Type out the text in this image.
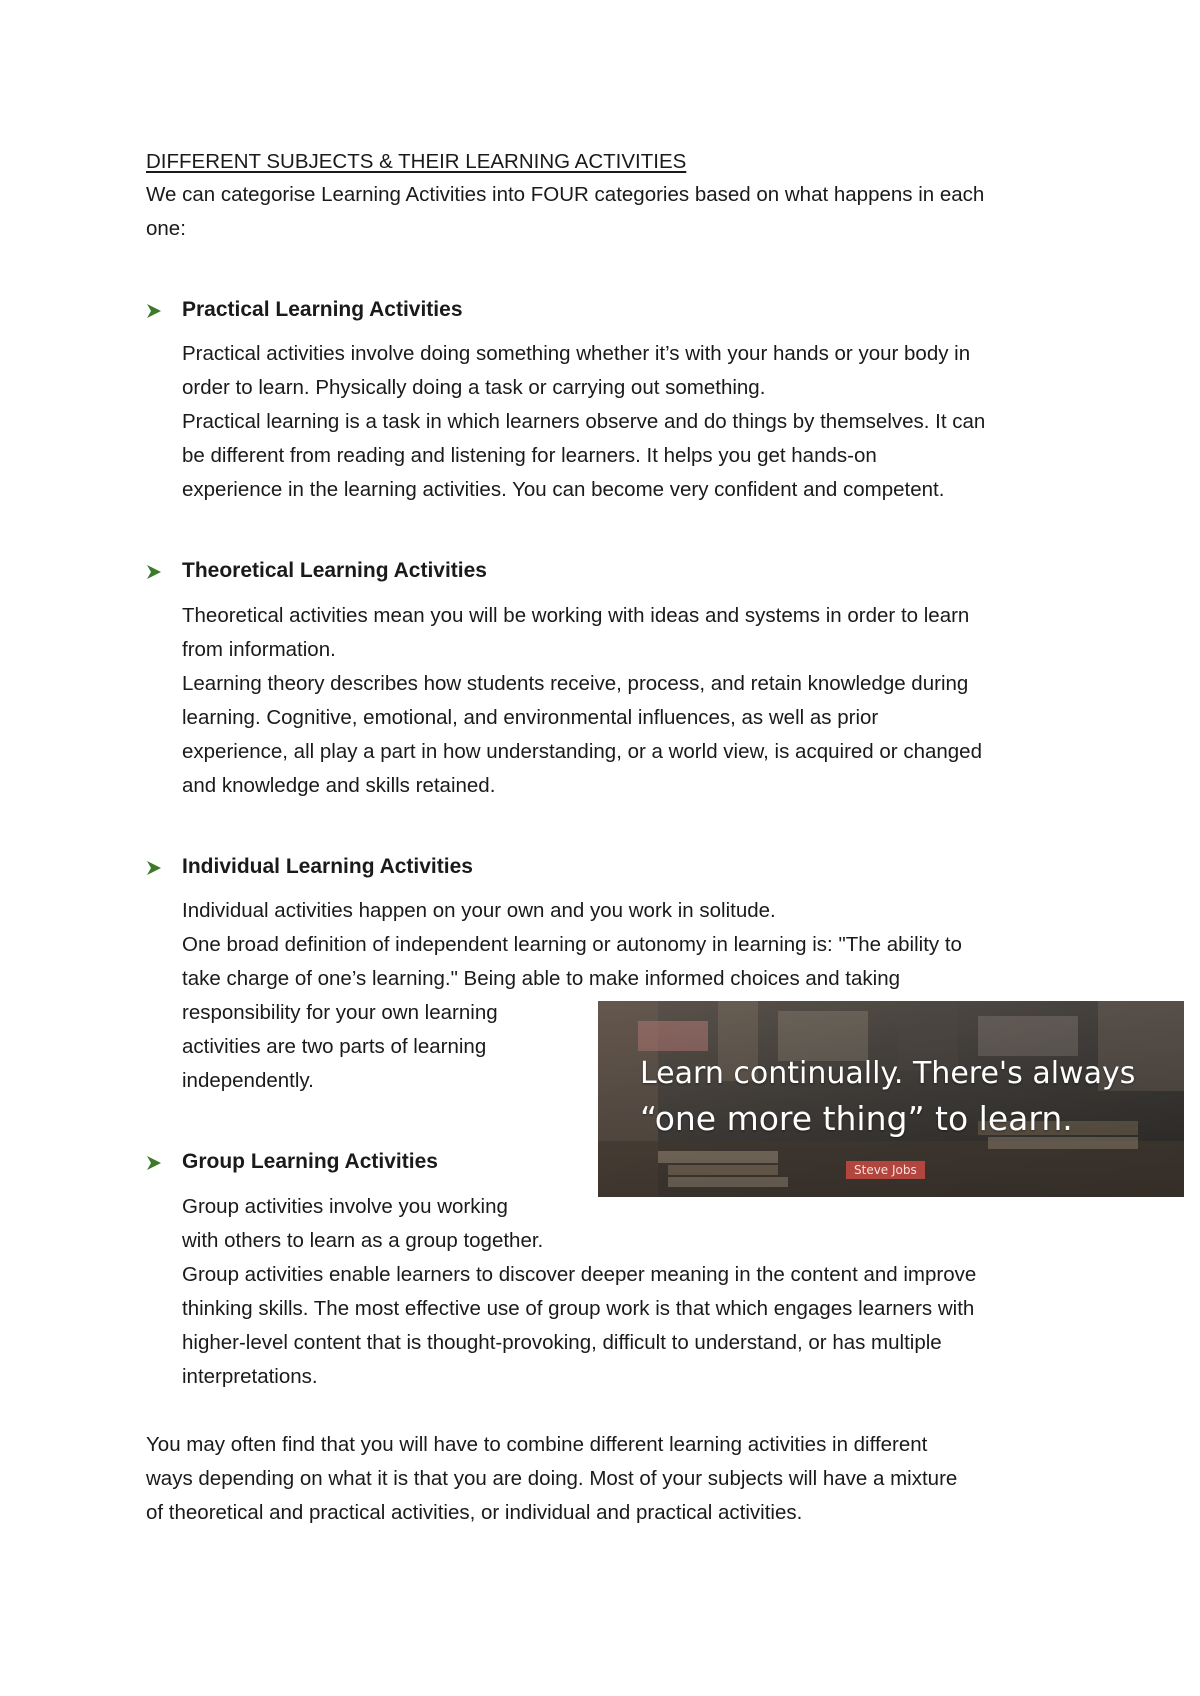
DIFFERENT SUBJECTS & THEIR LEARNING ACTIVITIES
We can categorise Learning Activities into FOUR categories based on what happens in each
one:
Practical Learning Activities
Practical activities involve doing something whether it’s with your hands or your body in
order to learn. Physically doing a task or carrying out something.
Practical learning is a task in which learners observe and do things by themselves. It can
be different from reading and listening for learners. It helps you get hands-on
experience in the learning activities. You can become very confident and competent.
Theoretical Learning Activities
Theoretical activities mean you will be working with ideas and systems in order to learn
from information.
Learning theory describes how students receive, process, and retain knowledge during
learning. Cognitive, emotional, and environmental influences, as well as prior
experience, all play a part in how understanding, or a world view, is acquired or changed
and knowledge and skills retained.
Individual Learning Activities
Individual activities happen on your own and you work in solitude.
One broad definition of independent learning or autonomy in learning is: "The ability to
take charge of one’s learning." Being able to make informed choices and taking
responsibility for your own learning
activities are two parts of learning
independently.
Group Learning Activities
Group activities involve you working
with others to learn as a group together.
Group activities enable learners to discover deeper meaning in the content and improve
thinking skills. The most effective use of group work is that which engages learners with
higher-level content that is thought-provoking, difficult to understand, or has multiple
interpretations.
You may often find that you will have to combine different learning activities in different
ways depending on what it is that you are doing. Most of your subjects will have a mixture
of theoretical and practical activities, or individual and practical activities.
Learn continually. There's always
“one more thing” to learn.
Steve Jobs
